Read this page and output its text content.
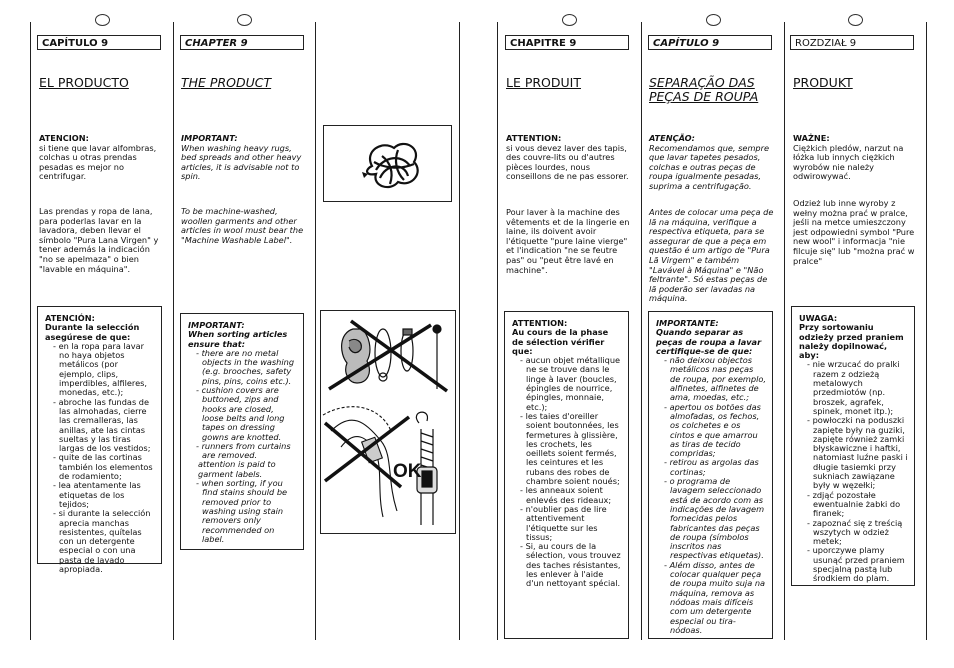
CAPÍTULO 9
EL PRODUCTO
ATENCION:
si tiene que lavar alfombras, colchas u otras prendas pesadas es mejor no centrifugar.
Las prendas y ropa de lana, para poderlas lavar en la lavadora, deben llevar el símbolo "Pura Lana Virgen" y tener además la indicación "no se apelmaza" o bien "lavable en máquina".
ATENCIÓN:
Durante la selección asegúrese de que:
- en la ropa para lavar no haya objetos metálicos (por ejemplo, clips, imperdibles, alfileres, monedas, etc.);
- abroche las fundas de las almohadas, cierre las cremalleras, las anillas, ate las cintas sueltas y las tiras largas de los vestidos;
- quite de las cortinas también los elementos de rodamiento;
- lea atentamente las etiquetas de los tejidos;
- si durante la selección aprecia manchas resistentes, quítelas con un detergente especial o con una pasta de lavado apropiada.
CHAPTER 9
THE PRODUCT
IMPORTANT:
When washing heavy rugs, bed spreads and other heavy articles, it is advisable not to spin.
To be machine-washed, woollen garments and other articles in wool must bear the "Machine Washable Label".
IMPORTANT:
When sorting articles ensure that:
- there are no metal objects in the washing (e.g. brooches, safety pins, pins, coins etc.).
- cushion covers are buttoned, zips and hooks are closed, loose belts and long tapes on dressing gowns are knotted.
- runners from curtains are removed.
attention is paid to garment labels.
- when sorting, if you find stains should be removed prior to washing using stain removers only recommended on label.
OK
CHAPITRE 9
LE PRODUIT
ATTENTION:
si vous devez laver des tapis, des couvre-lits ou d'autres pièces lourdes, nous conseillons de ne pas essorer.
Pour laver à la machine des vêtements et de la lingerie en laine, ils doivent avoir l'étiquette "pure laine vierge" et l'indication "ne se feutre pas" ou "peut être lavé en machine".
ATTENTION:
Au cours de la phase de sélection vérifier que:
- aucun objet métallique ne se trouve dans le linge à laver (boucles, épingles de nourrice, épingles, monnaie, etc.);
- les taies d'oreiller soient boutonnées, les fermetures à glissière, les crochets, les oeillets soient fermés, les ceintures et les rubans des robes de chambre soient noués;
- les anneaux soient enlevés des rideaux;
- n'oublier pas de lire attentivement l'étiquette sur les tissus;
- Si, au cours de la sélection, vous trouvez des taches résistantes, les enlever à l'aide d'un nettoyant spécial.
CAPÍTULO 9
SEPARAÇÃO DAS PEÇAS DE ROUPA
ATENÇÃO:
Recomendamos que, sempre que lavar tapetes pesados, colchas e outras peças de roupa igualmente pesadas, suprima a centrifugação.
Antes de colocar uma peça de lã na máquina, verifique a respectiva etiqueta, para se assegurar de que a peça em questão é um artigo de "Pura Lã Virgem" e também "Lavável à Máquina" e "Não feltrante". Só estas peças de lã poderão ser lavadas na máquina.
IMPORTANTE:
Quando separar as peças de roupa a lavar certifique-se de que:
- não deixou objectos metálicos nas peças de roupa, por exemplo, alfinetes, alfinetes de ama, moedas, etc.;
- apertou os botões das almofadas, os fechos, os colchetes e os cintos e que amarrou as tiras de tecido compridas;
- retirou as argolas das cortinas;
- o programa de lavagem seleccionado está de acordo com as indicações de lavagem fornecidas pelos fabricantes das peças de roupa (símbolos inscritos nas respectivas etiquetas).
- Além disso, antes de colocar qualquer peça de roupa muito suja na máquina, remova as nódoas mais difíceis com um detergente especial ou tira-nódoas.
ROZDZIAŁ 9
PRODUKT
WAŻNE:
Ciężkich pledów, narzut na łóżka lub innych ciężkich wyrobów nie należy odwirowywać.
Odzież lub inne wyroby z wełny można prać w pralce, jeśli na metce umieszczony jest odpowiedni symbol "Pure new wool" i informacja "nie filcuje się" lub "można prać w pralce"
UWAGA:
Przy sortowaniu odzieży przed praniem należy dopilnować, aby:
- nie wrzucać do pralki razem z odzieżą metalowych przedmiotów (np. broszek, agrafek, spinek, monet itp.);
- powłoczki na poduszki zapięte były na guziki, zapięte również zamki błyskawiczne i haftki, natomiast luźne paski i długie tasiemki przy sukniach zawiązane były w węzełki;
- zdjąć pozostałe ewentualnie żabki do firanek;
- zapoznać się z treścią wszytych w odzież metek;
- uporczywe plamy usunąć przed praniem specjalną pastą lub środkiem do plam.
